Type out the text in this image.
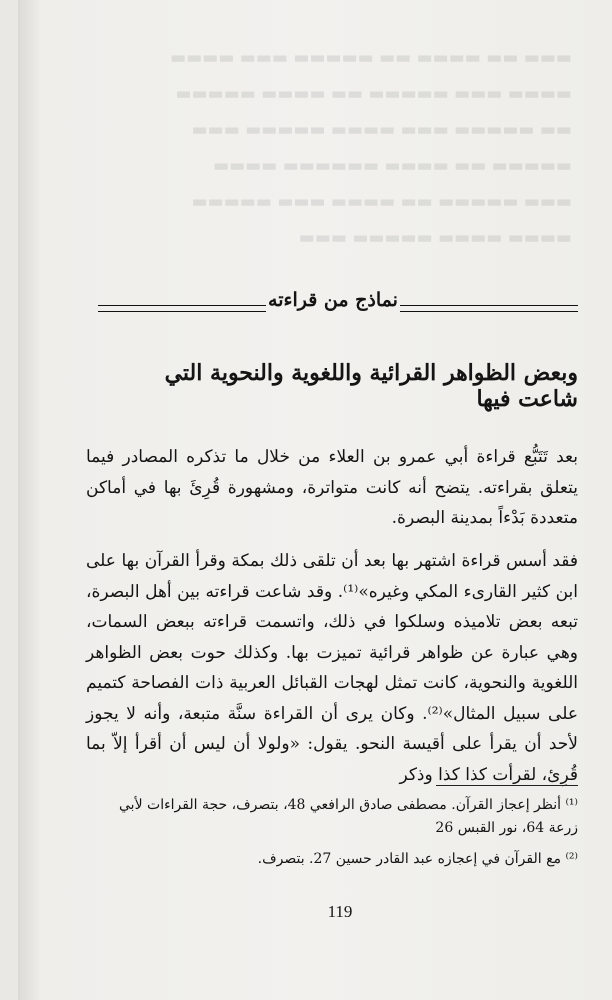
▬▬▬ ▬▬ ▬▬▬▬ ▬▬ ▬▬▬▬▬ ▬▬▬ ▬▬▬▬
▬▬▬▬ ▬▬▬ ▬▬▬▬▬ ▬▬ ▬▬▬▬ ▬▬▬▬▬
▬▬ ▬▬▬▬▬ ▬▬▬ ▬▬▬▬ ▬▬▬▬▬ ▬▬▬
▬▬▬▬▬ ▬▬ ▬▬▬▬ ▬▬▬▬▬▬ ▬▬▬▬
▬▬▬ ▬▬▬▬▬ ▬▬ ▬▬▬▬ ▬▬▬ ▬▬▬▬▬
▬▬▬▬ ▬▬▬▬ ▬▬▬▬▬ ▬▬▬
نماذج من قراءته
وبعض الظواهر القرائية واللغوية والنحوية التي شاعت فيها
بعد تَتَبُّع قراءة أبي عمرو بن العلاء من خلال ما تذكره المصادر فيما يتعلق بقراءته. يتضح أنه كانت متواترة، ومشهورة قُرِئَ بها في أماكن متعددة بَدْءاً بمدينة البصرة.
فقد أسس قراءة اشتهر بها بعد أن تلقى ذلك بمكة وقرأ القرآن بها على ابن كثير القارىء المكي وغيره»⁽¹⁾. وقد شاعت قراءته بين أهل البصرة، تبعه بعض تلاميذه وسلكوا في ذلك، واتسمت قراءته ببعض السمات، وهي عبارة عن ظواهر قرائية تميزت بها. وكذلك حوت بعض الظواهر اللغوية والنحوية، كانت تمثل لهجات القبائل العربية ذات الفصاحة كتميم على سبيل المثال»⁽²⁾. وكان يرى أن القراءة سنَّة متبعة، وأنه لا يجوز لأحد أن يقرأ على أقيسة النحو. يقول: «ولولا أن ليس أن أقرأ إلاّ بما قُرِئ، لقرأت كذا كذا وذكر

⁽¹⁾ أنظر إعجاز القرآن. مصطفى صادق الرافعي 48، بتصرف، حجة القراءات لأبي زرعة 64، نور القبس 26

⁽²⁾ مع القرآن في إعجازه عبد القادر حسين 27. بتصرف.

119
